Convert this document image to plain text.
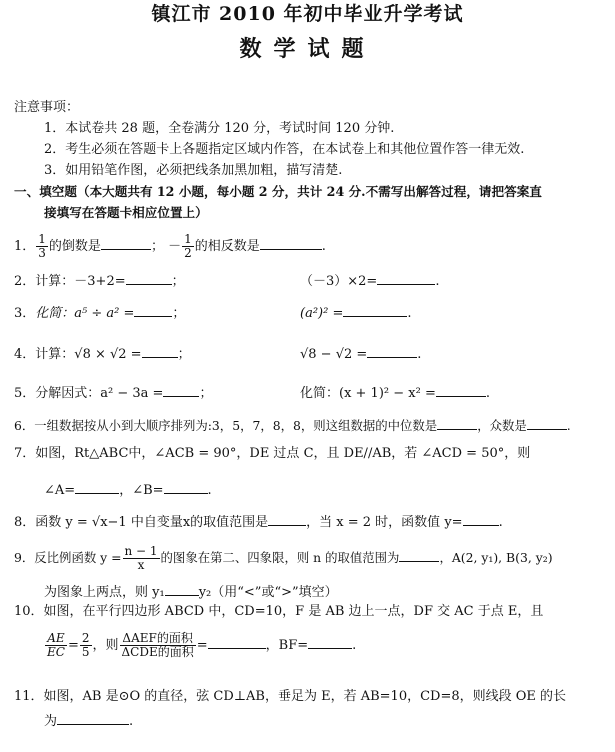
镇江市 2010 年初中毕业升学考试
数学试题
注意事项：
1．本试卷共 28 题，全卷满分 120 分，考试时间 120 分钟.
2．考生必须在答题卡上各题指定区域内作答，在本试卷上和其他位置作答一律无效.
3．如用铅笔作图，必须把线条加黑加粗，描写清楚.
一、填空题（本大题共有 12 小题，每小题 2 分，共计 24 分.不需写出解答过程，请把答案直
接填写在答题卡相应位置上）
1． $\frac{1}{3}$ 的倒数是	； － $\frac{1}{2}$ 的相反数是	.
2．计算：－3+2=	；	（－3）×2=	.
3．化简：a⁵ ÷ a² =	；	(a²)² =	.
4．计算：√8 × √2 =	；	√8 − √2 =	.
5．分解因式：a² − 3a =	；	化简：(x + 1)² − x² =	.
6．一组数据按从小到大顺序排列为:3，5，7，8，8，则这组数据的中位数是	，众数是	.
7．如图，Rt△ABC中，∠ACB = 90°，DE 过点 C，且 DE//AB，若 ∠ACD = 50°，则
∠A=	，∠B=	.
8．函数 y = √x−1 中自变量x的取值范围是	，当 x = 2 时，函数值 y=	.
9．反比例函数 $y = \frac{n - 1}{x}$ 的图象在第二、四象限，则 n 的取值范围为	，A(2, y₁), B(3, y₂)
为图象上两点，则 y₁	y₂（用“<”或“>”填空）
10．如图，在平行四边形 ABCD 中，CD=10，F 是 AB 边上一点，DF 交 AC 于点 E，且
$\frac{AE}{EC} = \frac{2}{5}$ ，则 $\frac{\text{ΔAEF的面积}}{\text{ΔCDE的面积}}$ =	，BF=	.
11．如图，AB 是⊙O 的直径，弦 CD⊥AB，垂足为 E，若 AB=10，CD=8，则线段 OE 的长
为	.
